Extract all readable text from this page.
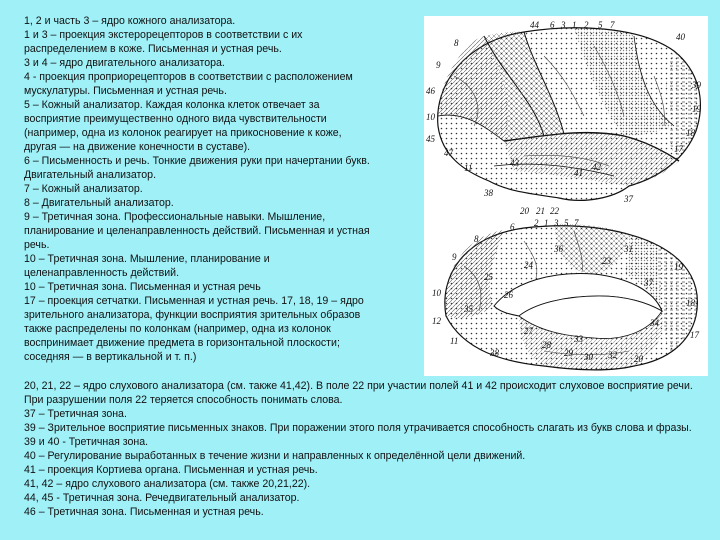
1, 2 и часть 3 – ядро кожного анализатора.
1 и 3 – проекция экстерорецепторов в соответствии с их
распределением в коже. Письменная и устная речь.
3 и 4 – ядро двигательного анализатора.
4 - проекция проприорецепторов в соответствии с расположением
мускулатуры. Письменная и устная речь.
5 – Кожный анализатор. Каждая колонка клеток отвечает за
восприятие преимущественно одного вида чувствительности
(например, одна из колонок реагирует на прикосновение к коже,
другая — на движение конечности в суставе).
6 – Письменность и речь. Тонкие движения руки при начертании букв.
Двигательный анализатор.
7 – Кожный анализатор.
8 – Двигательный анализатор.
9 – Третичная зона. Профессиональные навыки. Мышление,
планирование и целенаправленность действий. Письменная и устная
речь.
10 – Третичная зона. Мышление, планирование и
целенаправленность действий.
10 – Третичная зона. Письменная и устная речь
17 – проекция сетчатки. Письменная и устная речь. 17, 18, 19 – ядро
зрительного анализатора, функции восприятия зрительных образов
также распределены по колонкам (например, одна из колонок
воспринимает движение предмета в горизонтальной плоскости;
соседняя — в вертикальной и т. п.)
44 6 3 1 2 5 7
40
8
9
46
10
45
47
11
39
19
18
17
20 21 22
38
37
41
42
43
2 1 3 5 7
6
8
9
10
12
11
17
18
19
20
25
31
23
24
26
27
28
29 30 32
33
34
35
36
37
38
20, 21, 22 – ядро слухового анализатора (см. также 41,42). В поле 22 при участии полей 41 и 42 происходит слуховое восприятие речи. При разрушении поля 22 теряется способность понимать слова.
37 – Третичная зона.
39 – Зрительное восприятие письменных знаков. При поражении этого поля утрачивается способность слагать из букв слова и фразы.
39 и 40 - Третичная зона.
40 – Регулирование выработанных в течение жизни и направленных к определённой цели движений.
41 – проекция Кортиева органа. Письменная и устная речь.
41, 42 – ядро слухового анализатора (см. также 20,21,22).
44, 45 - Третичная зона. Речедвигательный анализатор.
46 – Третичная зона. Письменная и устная речь.
